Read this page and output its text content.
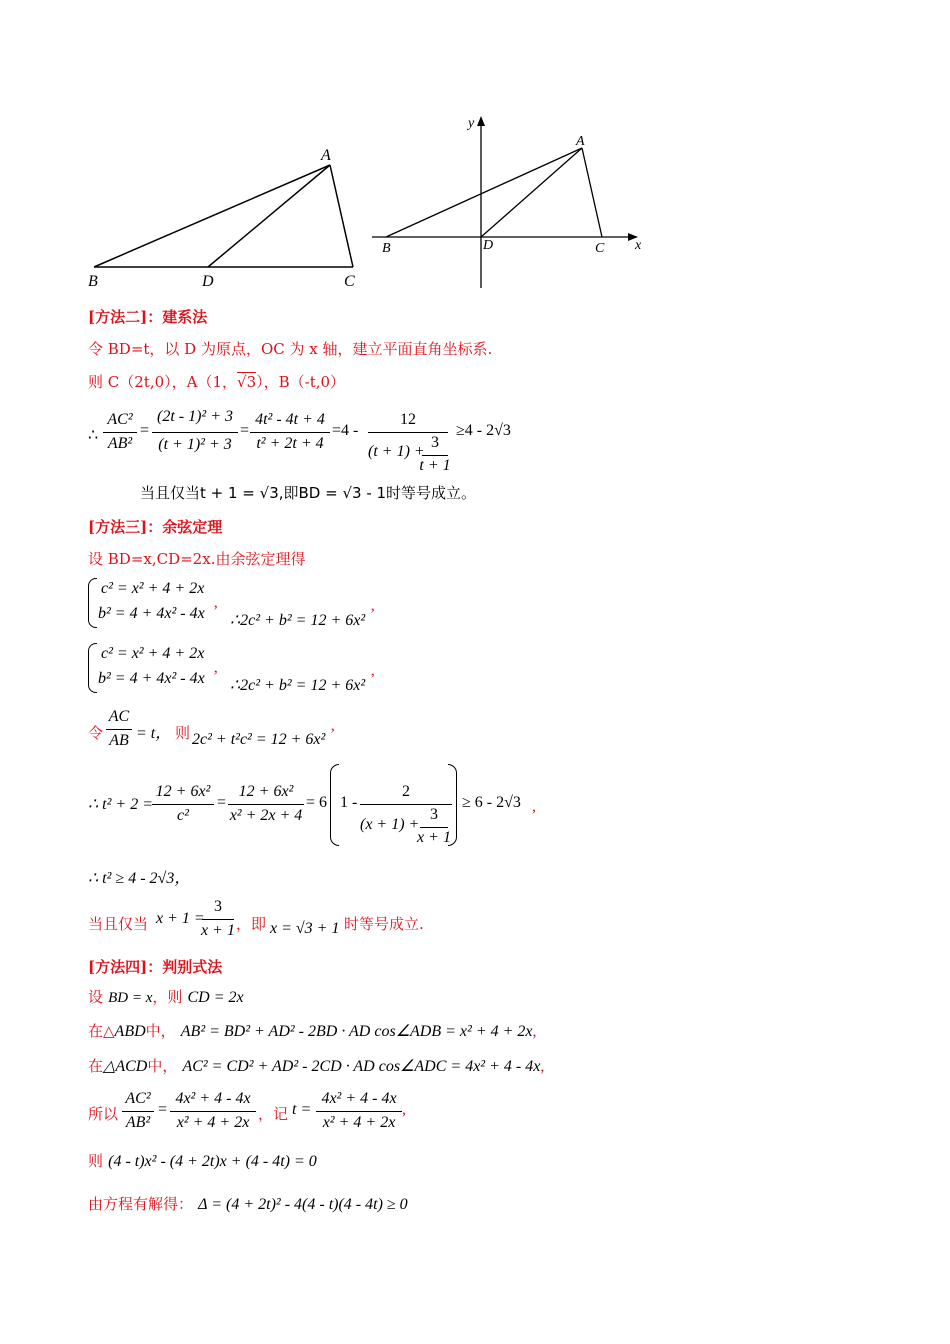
A
B	D	C
A
B	D	C x
y
[方法二]：建系法
令 BD=t，以 D 为原点，OC 为 x 轴，建立平面直角坐标系.
则 C（2t,0），A（1，√3），B（-t,0）
∴
AC²
AB²
=
(2t - 1)² + 3
(t + 1)² + 3
=
4t² - 4t + 4
t² + 2t + 4
=4 -
12
(t + 1) +
3
t + 1
≥4 - 2√3
当且仅当t + 1 = √3,即BD = √3 - 1时等号成立。
[方法三]：余弦定理
设 BD=x,CD=2x.由余弦定理得
c² = x² + 4 + 2x
b² = 4 + 4x² - 4x ’
∴2c² + b² = 12 + 6x² ’
c² = x² + 4 + 2x
b² = 4 + 4x² - 4x ’
∴2c² + b² = 12 + 6x² ’
令
AC
AB = t， 则 2c² + t²c² = 12 + 6x² ’
∴ t² + 2 =
12 + 6x²
c²
=
12 + 6x²
x² + 2x + 4
= 6 1 -
2
(x + 1) +
3
x + 1
≥ 6 - 2√3 ,
∴ t² ≥ 4 - 2√3，
当且仅当 x + 1 =
3
x + 1 ，即 x = √3 + 1 时等号成立.
[方法四]：判别式法
设 BD = x，则 CD = 2x
在△ABD中， AB² = BD² + AD² - 2BD · AD cos∠ADB = x² + 4 + 2x,
在△ACD中， AC² = CD² + AD² - 2CD · AD cos∠ADC = 4x² + 4 - 4x,
所以
AC²
AB²
=
4x² + 4 - 4x
x² + 4 + 2x ，记 t =
4x² + 4 - 4x
x² + 4 + 2x
,
则 (4 - t)x² - (4 + 2t)x + (4 - 4t) = 0
由方程有解得： Δ = (4 + 2t)² - 4(4 - t)(4 - 4t) ≥ 0
